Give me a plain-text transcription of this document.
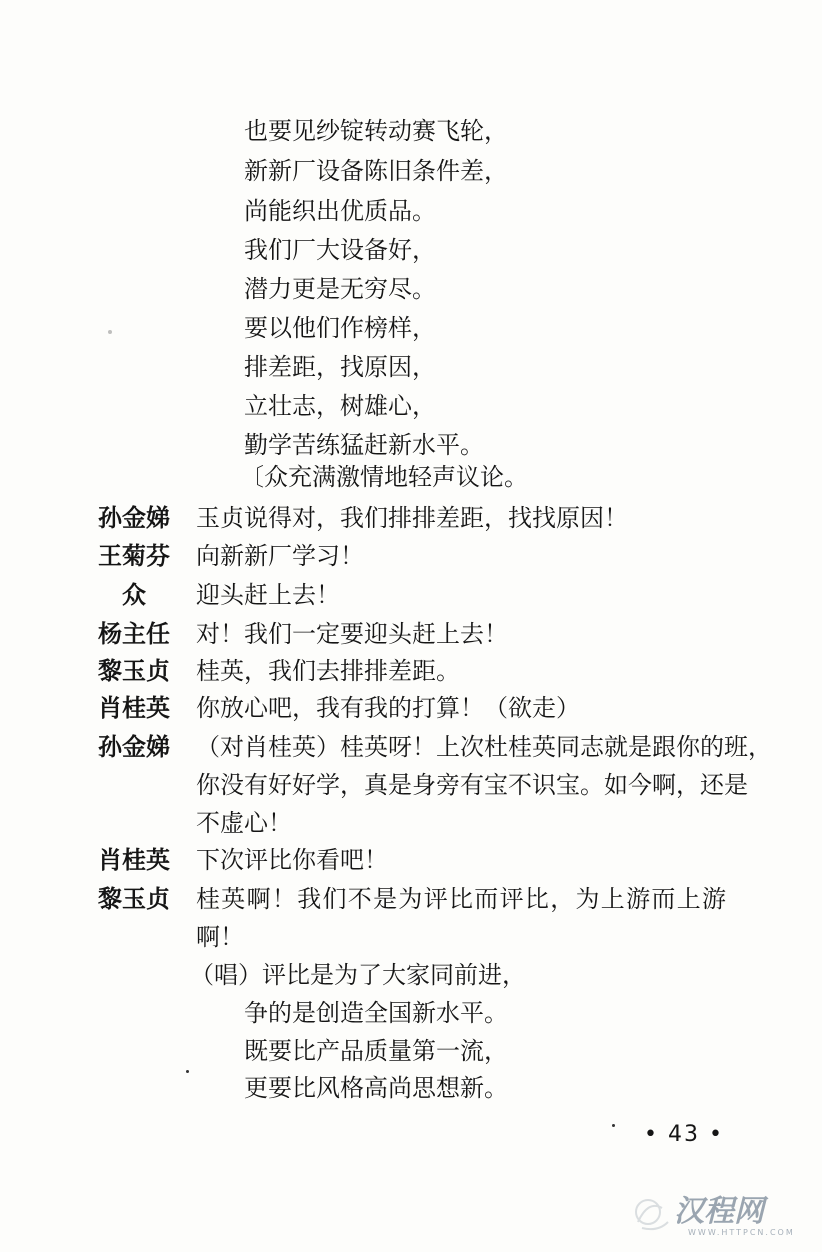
也要见纱锭转动赛飞轮，
新新厂设备陈旧条件差，
尚能织出优质品。
我们厂大设备好，
潜力更是无穷尽。
要以他们作榜样，
排差距，找原因，
立壮志，树雄心，
勤学苦练猛赶新水平。
〔众充满激情地轻声议论。
孙金娣	玉贞说得对，我们排排差距，找找原因！
王菊芬	向新新厂学习！
众	迎头赶上去！
杨主任	对！我们一定要迎头赶上去！
黎玉贞	桂英，我们去排排差距。
肖桂英	你放心吧，我有我的打算！（欲走）
孙金娣	（对肖桂英）桂英呀！上次杜桂英同志就是跟你的班，
你没有好好学，真是身旁有宝不识宝。如今啊，还是
不虚心！
肖桂英	下次评比你看吧！
黎玉贞	桂英啊！我们不是为评比而评比，为上游而上游
啊！
（唱）评比是为了大家同前进，
争的是创造全国新水平。
既要比产品质量第一流，
更要比风格高尚思想新。
• 43 •
汉程网
WWW.HTTPCN.COM
